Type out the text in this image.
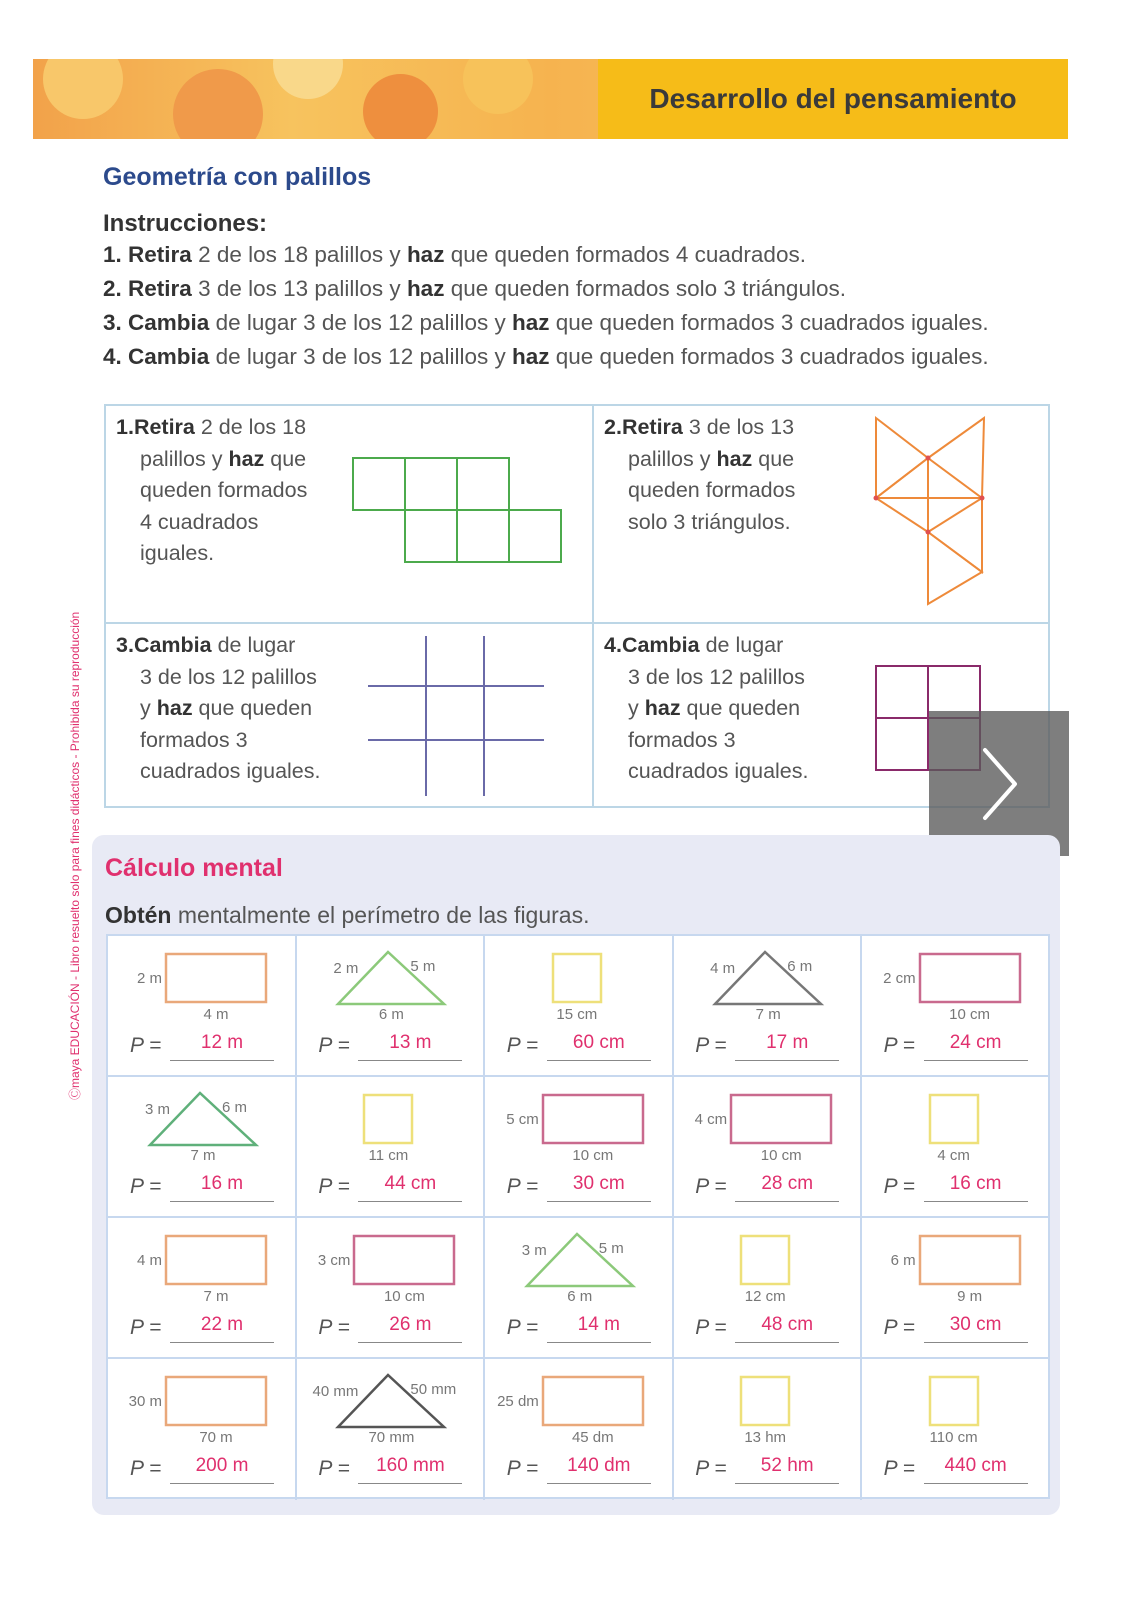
Desarrollo del pensamiento
Geometría con palillos
Instrucciones:
1. Retira 2 de los 18 palillos y haz que queden formados 4 cuadrados.
2. Retira 3 de los 13 palillos y haz que queden formados solo 3 triángulos.
3. Cambia de lugar 3 de los 12 palillos y haz que queden formados 3 cuadrados iguales.
4. Cambia de lugar 3 de los 12 palillos y haz que queden formados 3 cuadrados iguales.
1.Retira 2 de los 18
palillos y haz que
queden formados
4 cuadrados
iguales.
2.Retira 3 de los 13
palillos y haz que
queden formados
solo 3 triángulos.
3.Cambia de lugar
3 de los 12 palillos
y haz que queden
formados 3
cuadrados iguales.
4.Cambia de lugar
3 de los 12 palillos
y haz que queden
formados 3
cuadrados iguales.
Ⓒmaya EDUCACIÓN - Libro resuelto solo para fines didácticos - Prohibida su reproducción Cálculo mental
Obtén mentalmente el perímetro de las figuras.
2 m
4 m
P =	12 m
2 m	5 m
6 m
P =	13 m
15 cm
P =	60 cm
4 m	6 m
7 m
P =	17 m
2 cm
10 cm
P =	24 cm
3 m	6 m
7 m
P =	16 m
11 cm
P =	44 cm
5 cm
10 cm
P =	30 cm
4 cm
10 cm
P =	28 cm
4 cm
P =	16 cm
4 m
7 m
P =	22 m
3 cm
10 cm
P =	26 m
3 m	5 m
6 m
P =	14 m
12 cm
P =	48 cm
6 m
9 m
P =	30 cm
30 m
70 m
P =	200 m
40 mm	50 mm
70 mm
P =	160 mm
25 dm
45 dm
P =	140 dm
13 hm
P =	52 hm
110 cm
P =	440 cm
